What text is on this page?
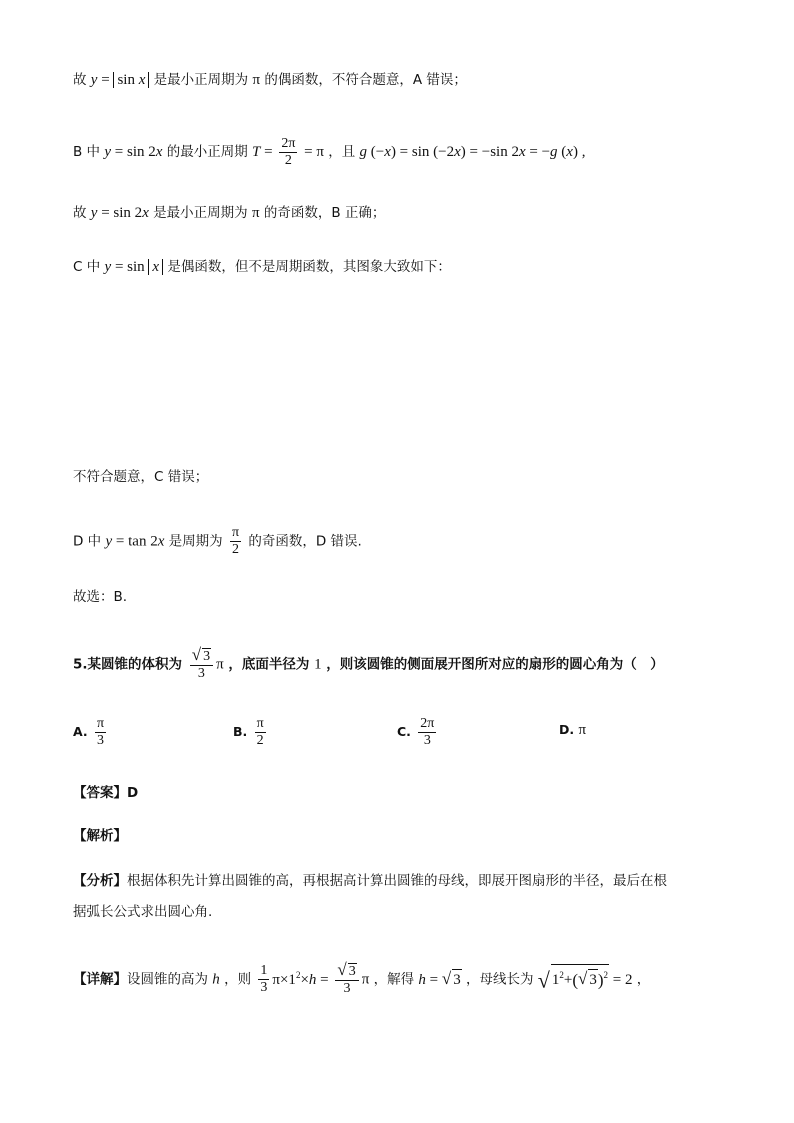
故 y = sin x 是最小正周期为 π 的偶函数，不符合题意，A 错误；
B 中 y = sin 2x 的最小正周期 $T = \frac{2\pi}{2} = \pi$ ，且 g (−x) = sin (−2x) = −sin 2x = −g (x) ,
故 y = sin 2x 是最小正周期为 π 的奇函数，B 正确；
C 中 y = sin x 是偶函数，但不是周期函数，其图象大致如下：
不符合题意，C 错误；
D 中 y = tan 2x 是周期为 $\frac{\pi}{2}$ 的奇函数，D 错误.
故选：B.
5.某圆锥的体积为 $\frac{√ 3}{3}$ π ，底面半径为 1 ，则该圆锥的侧面展开图所对应的扇形的圆心角为（　）
A. $\frac{\pi}{3}$	B. $\frac{\pi}{2}$	C. $\frac{2\pi}{3}$	D. π
【答案】D
【解析】
【分析】根据体积先计算出圆锥的高，再根据高计算出圆锥的母线，即展开图扇形的半径，最后在根
据弧长公式求出圆心角.
【详解】设圆锥的高为 h ，则 $\frac{1}{3} \pi\times 1^2\times h = \frac{√ 3}{3}$ π ，解得 h = √ 3 ，母线长为 √ $1^2+(√$ 3)$^2$ = 2 ，
